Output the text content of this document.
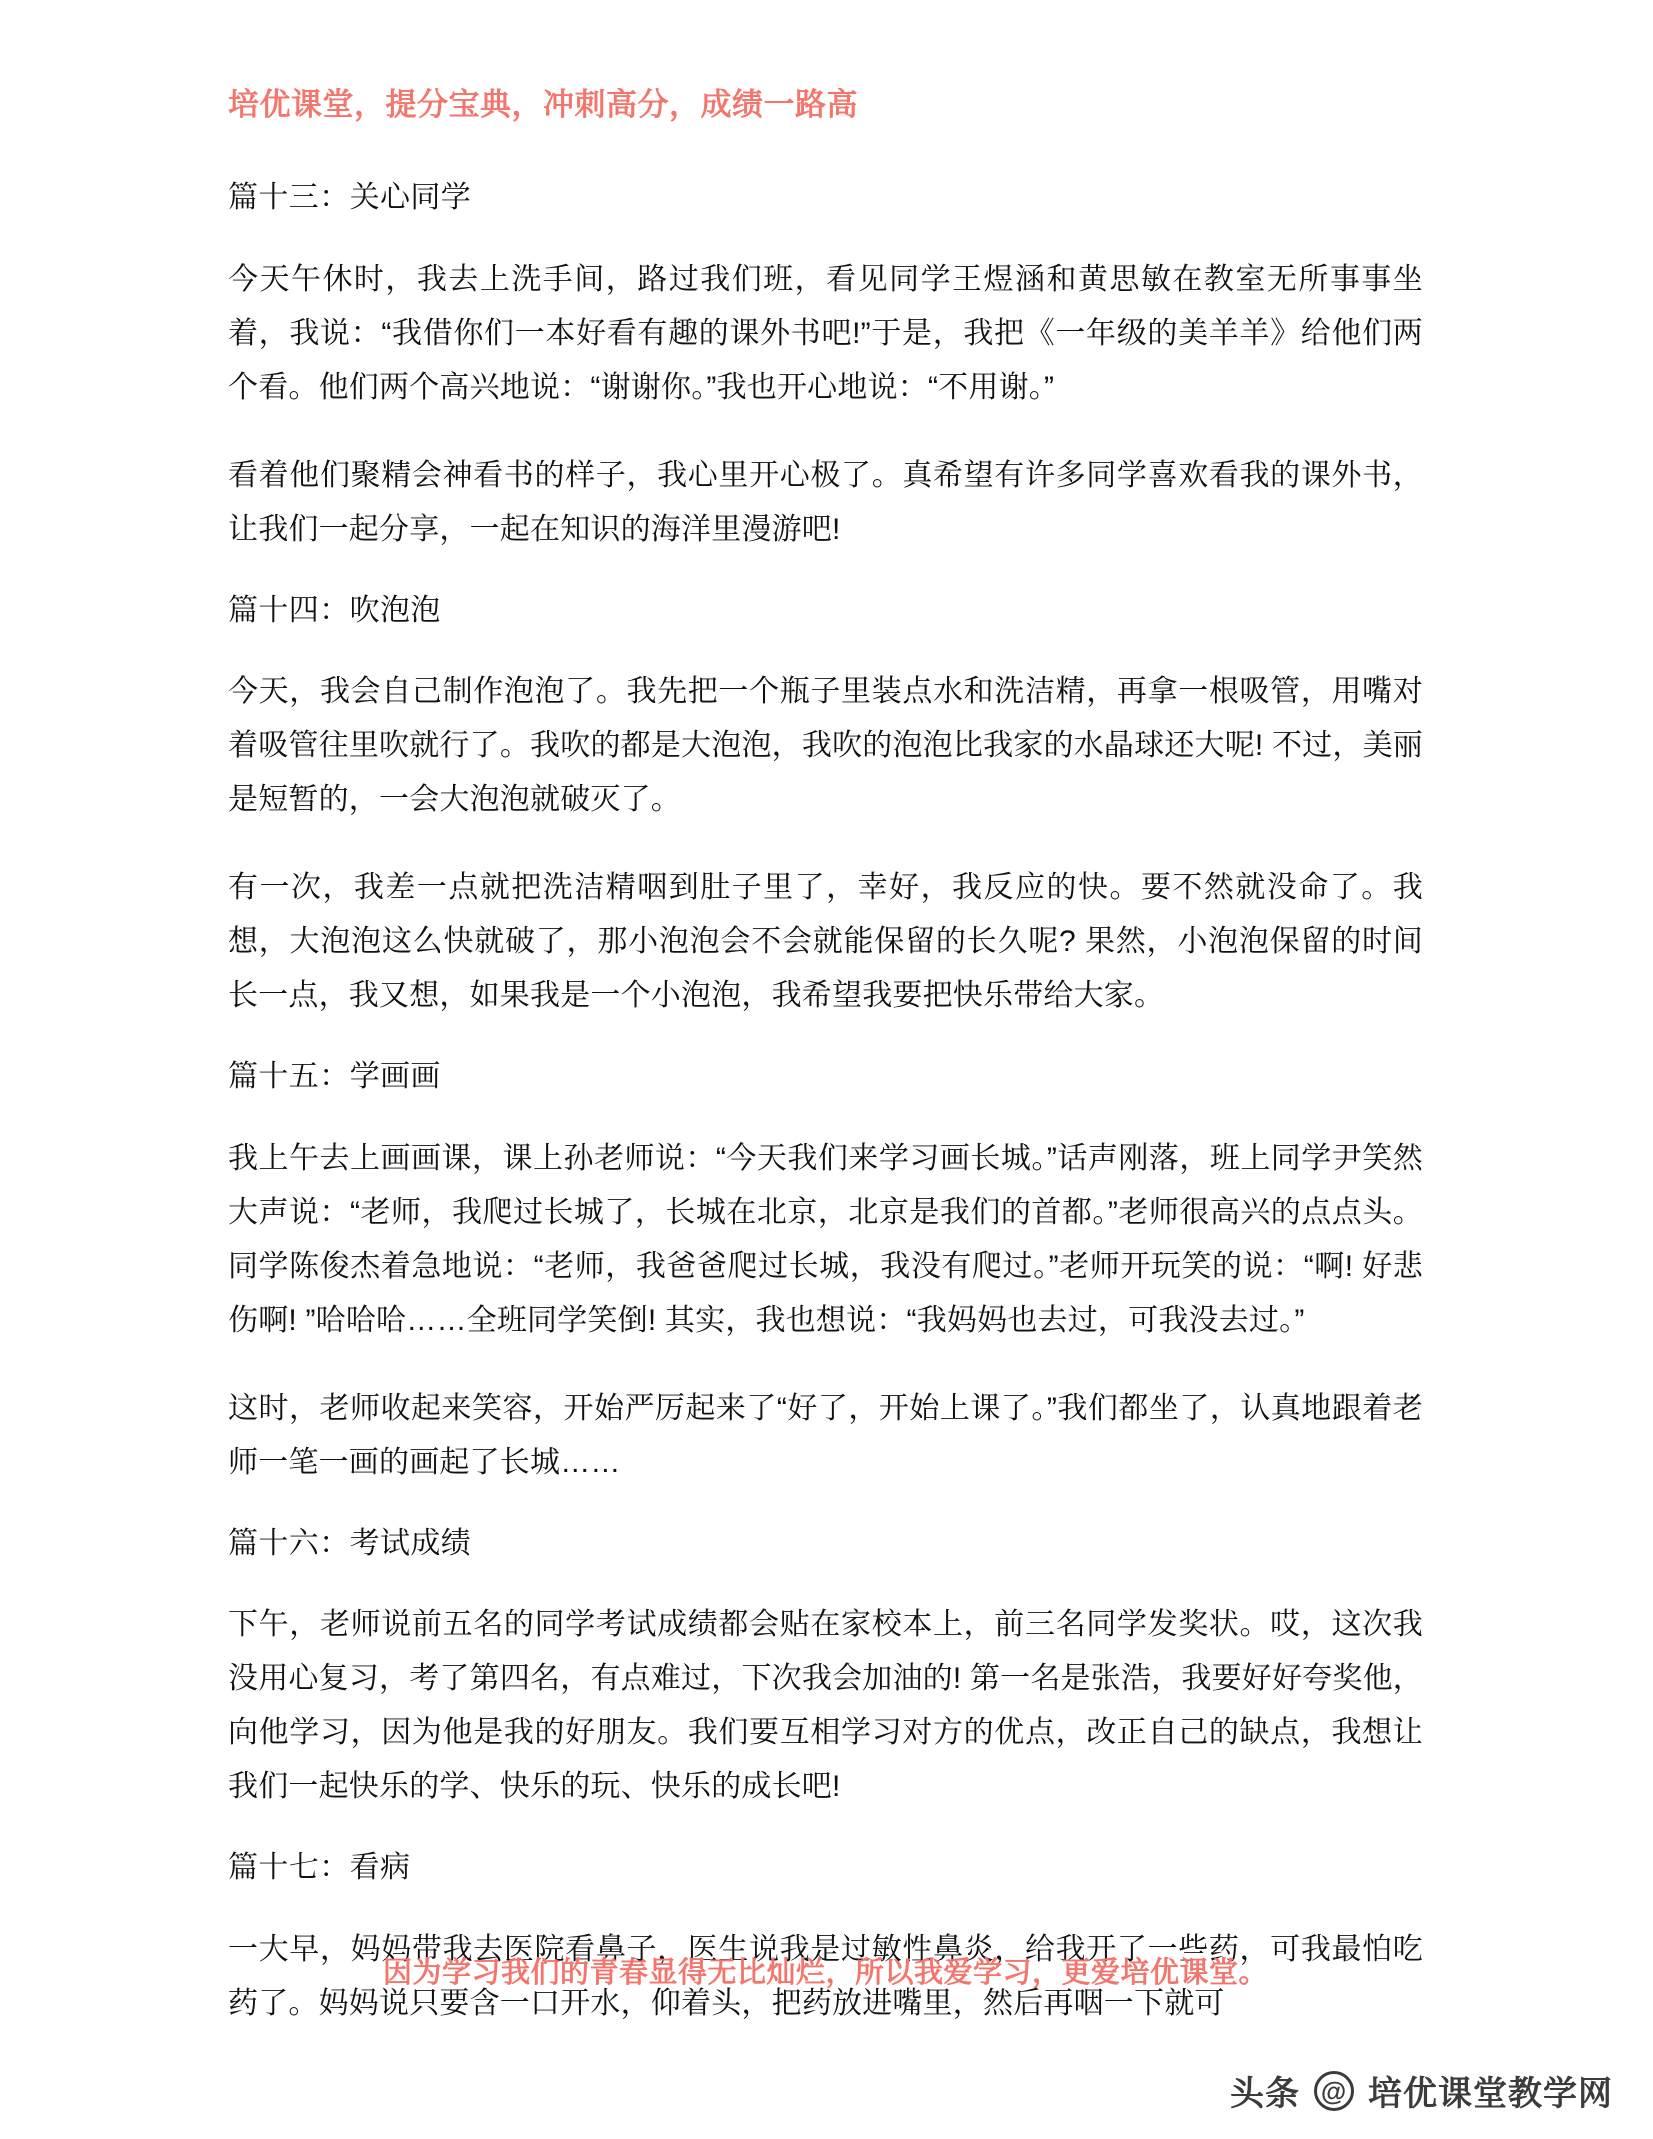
培优课堂，提分宝典，冲刺高分，成绩一路高
篇十三：关心同学

今天午休时，我去上洗手间，路过我们班，看见同学王煜涵和黄思敏在教室无所事事坐着，我说：“我借你们一本好看有趣的课外书吧!”于是，我把《一年级的美羊羊》给他们两个看。他们两个高兴地说：“谢谢你。”我也开心地说：“不用谢。”

看着他们聚精会神看书的样子，我心里开心极了。真希望有许多同学喜欢看我的课外书，让我们一起分享，一起在知识的海洋里漫游吧!

篇十四：吹泡泡

今天，我会自己制作泡泡了。我先把一个瓶子里装点水和洗洁精，再拿一根吸管，用嘴对着吸管往里吹就行了。我吹的都是大泡泡，我吹的泡泡比我家的水晶球还大呢! 不过，美丽是短暂的，一会大泡泡就破灭了。

有一次，我差一点就把洗洁精咽到肚子里了，幸好，我反应的快。要不然就没命了。我想，大泡泡这么快就破了，那小泡泡会不会就能保留的长久呢? 果然，小泡泡保留的时间长一点，我又想，如果我是一个小泡泡，我希望我要把快乐带给大家。

篇十五：学画画

我上午去上画画课，课上孙老师说：“今天我们来学习画长城。”话声刚落，班上同学尹笑然大声说：“老师，我爬过长城了，长城在北京，北京是我们的首都。”老师很高兴的点点头。同学陈俊杰着急地说：“老师，我爸爸爬过长城，我没有爬过。”老师开玩笑的说：“啊! 好悲伤啊! ”哈哈哈……全班同学笑倒! 其实，我也想说：“我妈妈也去过，可我没去过。”

这时，老师收起来笑容，开始严厉起来了“好了，开始上课了。”我们都坐了，认真地跟着老师一笔一画的画起了长城……

篇十六：考试成绩

下午，老师说前五名的同学考试成绩都会贴在家校本上，前三名同学发奖状。哎，这次我没用心复习，考了第四名，有点难过，下次我会加油的! 第一名是张浩，我要好好夸奖他，向他学习，因为他是我的好朋友。我们要互相学习对方的优点，改正自己的缺点，我想让我们一起快乐的学、快乐的玩、快乐的成长吧!

篇十七：看病

一大早，妈妈带我去医院看鼻子，医生说我是过敏性鼻炎，给我开了一些药，可我最怕吃药了。妈妈说只要含一口开水，仰着头，把药放进嘴里，然后再咽一下就可

因为学习我们的青春显得无比灿烂，所以我爱学习，更爱培优课堂。
头条 @ 培优课堂教学网
